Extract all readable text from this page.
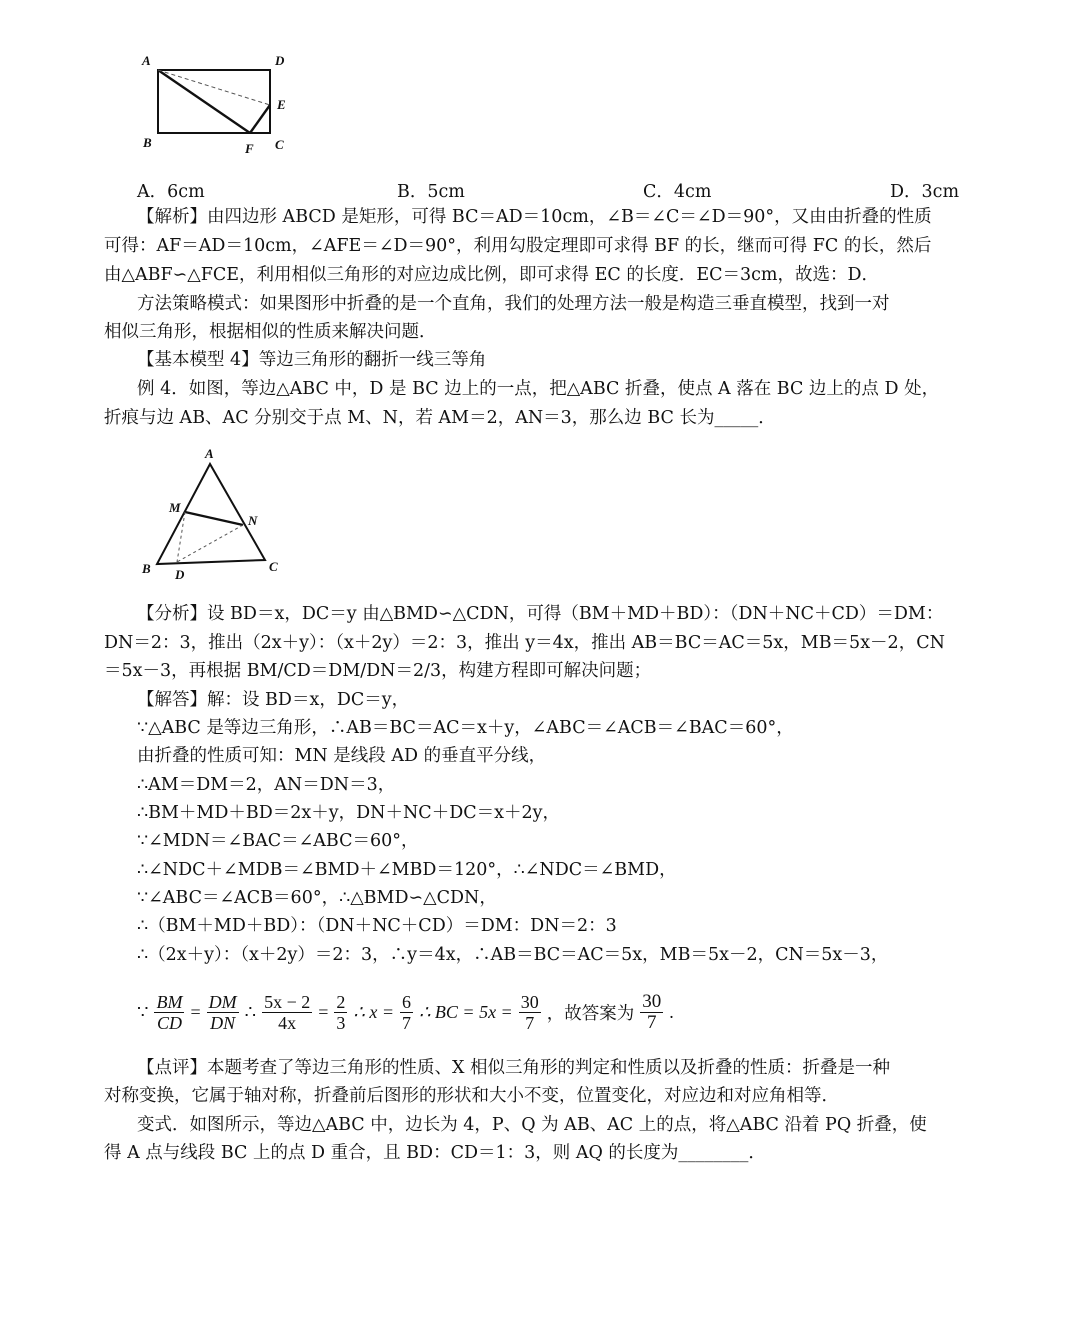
A	D
E
B	F C
A．6cm	B．5cm	C．4cm	D．3cm
【解析】由四边形 ABCD 是矩形，可得 BC＝AD＝10cm，∠B＝∠C＝∠D＝90°，又由由折叠的性质
可得：AF＝AD＝10cm，∠AFE＝∠D＝90°，利用勾股定理即可求得 BF 的长，继而可得 FC 的长，然后
由△ABF∽△FCE，利用相似三角形的对应边成比例，即可求得 EC 的长度．EC＝3cm，故选：D．
方法策略模式：如果图形中折叠的是一个直角，我们的处理方法一般是构造三垂直模型，找到一对
相似三角形，根据相似的性质来解决问题．
【基本模型 4】等边三角形的翻折一线三等角
例 4．如图，等边△ABC 中，D 是 BC 边上的一点，把△ABC 折叠，使点 A 落在 BC 边上的点 D 处，
折痕与边 AB、AC 分别交于点 M、N，若 AM＝2，AN＝3，那么边 BC 长为_____．
A
M
N
B D
C
【分析】设 BD＝x，DC＝y 由△BMD∽△CDN，可得（BM＋MD＋BD）：（DN＋NC＋CD）＝DM：
DN＝2：3，推出（2x＋y）：（x＋2y）＝2：3，推出 y＝4x，推出 AB＝BC＝AC＝5x，MB＝5x－2，CN
＝5x－3，再根据 BM/CD＝DM/DN＝2/3，构建方程即可解决问题；
【解答】解：设 BD＝x，DC＝y，
∵△ABC 是等边三角形，∴AB＝BC＝AC＝x＋y，∠ABC＝∠ACB＝∠BAC＝60°，
由折叠的性质可知：MN 是线段 AD 的垂直平分线，
∴AM＝DM＝2，AN＝DN＝3，
∴BM＋MD＋BD＝2x＋y，DN＋NC＋DC＝x＋2y，
∵∠MDN＝∠BAC＝∠ABC＝60°，
∴∠NDC＋∠MDB＝∠BMD＋∠MBD＝120°，∴∠NDC＝∠BMD，
∵∠ABC＝∠ACB＝60°，∴△BMD∽△CDN，
∴（BM＋MD＋BD）：（DN＋NC＋CD）＝DM：DN＝2：3
∴（2x＋y）：（x＋2y）＝2：3，∴y＝4x，∴AB＝BC＝AC＝5x，MB＝5x－2，CN＝5x－3，
∵ $\frac{BM}{CD} = \frac{DM}{DN}$ ∴ $\frac{5x - 2}{4x} = \frac{2}{3}$ ∴ $x = \frac{6}{7}$ ∴ BC = $5x = \frac{30}{7}$ ，故答案为 $\frac{30}{7}$ .
【点评】本题考查了等边三角形的性质、X 相似三角形的判定和性质以及折叠的性质：折叠是一种
对称变换，它属于轴对称，折叠前后图形的形状和大小不变，位置变化，对应边和对应角相等．
变式．如图所示，等边△ABC 中，边长为 4，P、Q 为 AB、AC 上的点，将△ABC 沿着 PQ 折叠，使
得 A 点与线段 BC 上的点 D 重合，且 BD：CD＝1：3，则 AQ 的长度为________．
